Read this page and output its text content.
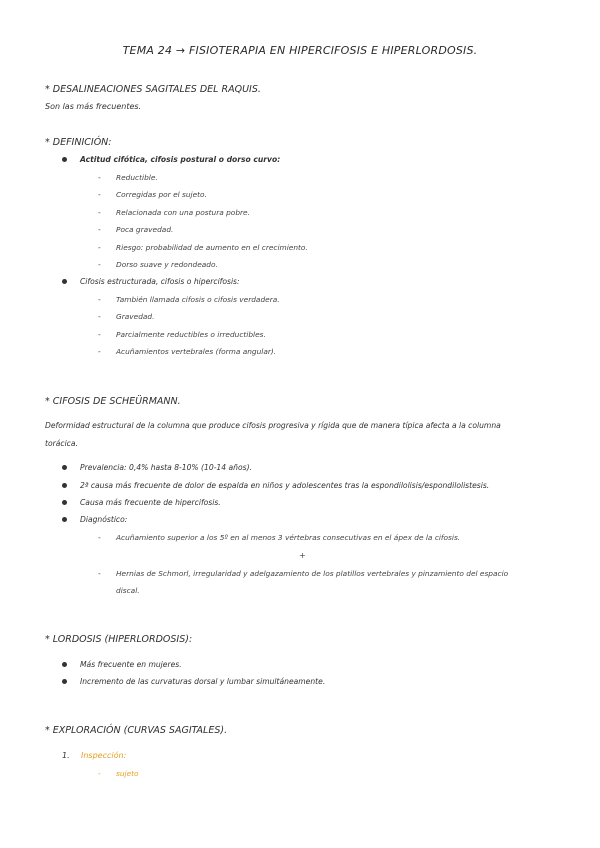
TEMA 24 → FISIOTERAPIA EN HIPERCIFOSIS E HIPERLORDOSIS.
* DESALINEACIONES SAGITALES DEL RAQUIS.
Son las más frecuentes.
* DEFINICIÓN:
Actitud cifótica, cifosis postural o dorso curvo:
- Reductible.
- Corregidas por el sujeto.
- Relacionada con una postura pobre.
- Poca gravedad.
- Riesgo: probabilidad de aumento en el crecimiento.
- Dorso suave y redondeado.
Cifosis estructurada, cifosis o hipercifosis:
- También llamada cifosis o cifosis verdadera.
- Gravedad.
- Parcialmente reductibles o irreductibles.
- Acuñamientos vertebrales (forma angular).
* CIFOSIS DE SCHEÜRMANN.
Deformidad estructural de la columna que produce cifosis progresiva y rígida que de manera típica afecta a la columna
torácica.
Prevalencia: 0,4% hasta 8-10% (10-14 años).
2ª causa más frecuente de dolor de espalda en niños y adolescentes tras la espondilolisis/espondilolistesis.
Causa más frecuente de hipercifosis.
Diagnóstico:
- Acuñamiento superior a los 5º en al menos 3 vértebras consecutivas en el ápex de la cifosis.
+
- Hernias de Schmorl, irregularidad y adelgazamiento de los platillos vertebrales y pinzamiento del espacio
discal.
* LORDOSIS (HIPERLORDOSIS):
Más frecuente en mujeres.
Incremento de las curvaturas dorsal y lumbar simultáneamente.
* EXPLORACIÓN (CURVAS SAGITALES).
1. Inspección:
- sujeto
